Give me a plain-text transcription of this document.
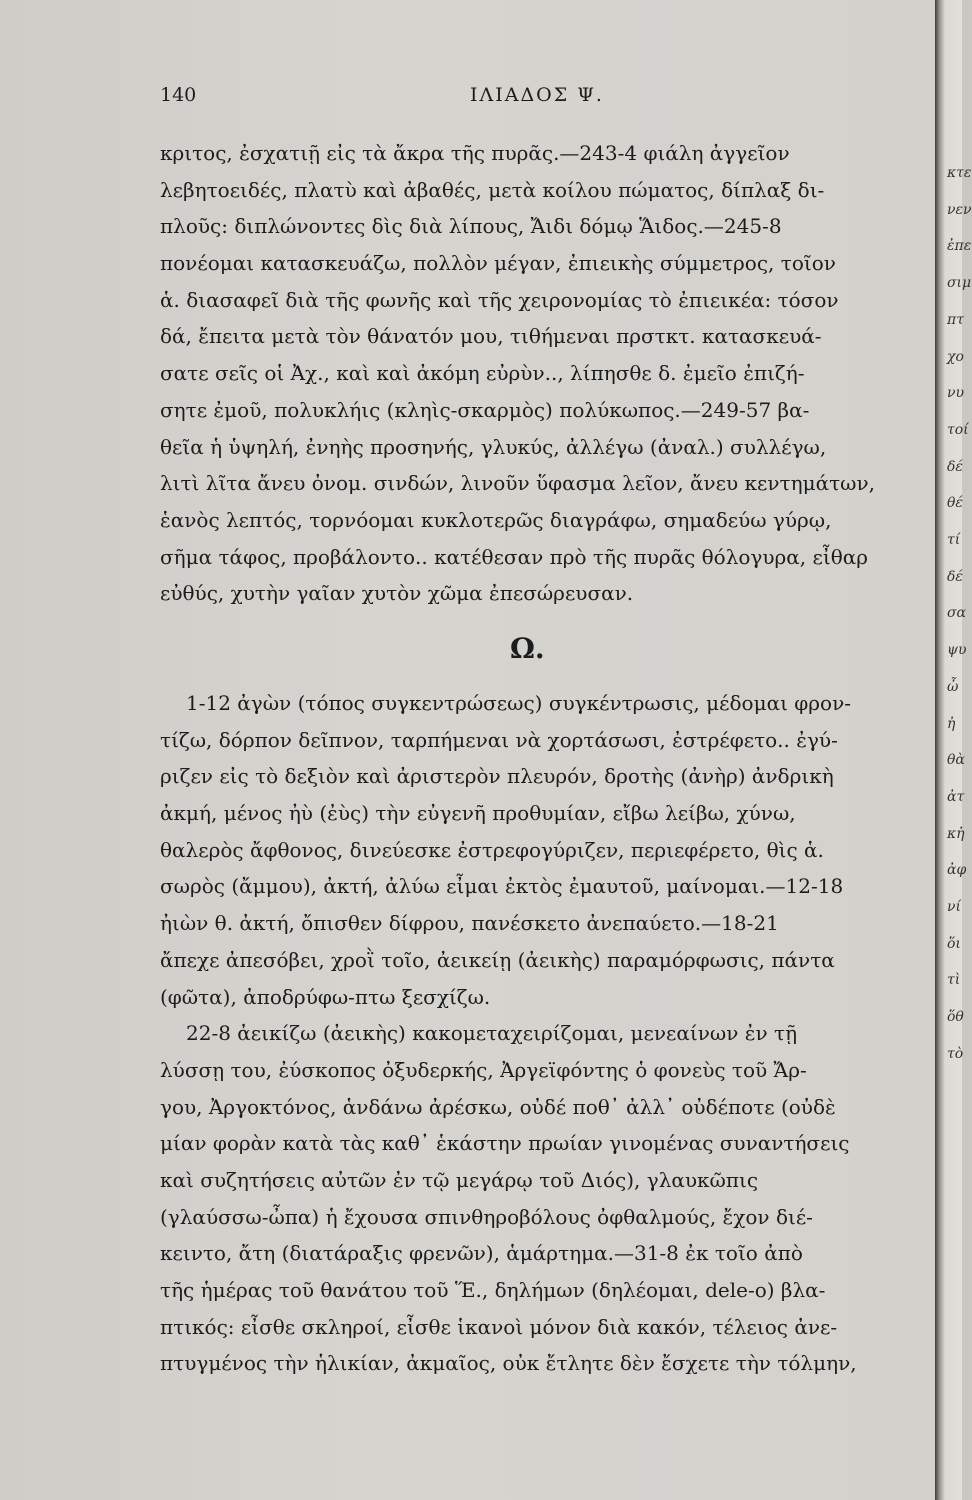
140	ΙΛΙΑΔΟΣ Ψ.
κριτος, ἐσχατιῇ εἰς τὰ ἄκρα τῆς πυρᾶς.—243-4 φιάλη ἀγγεῖον
λεβητοειδές, πλατὺ καὶ ἀβαθές, μετὰ κοίλου πώματος, δίπλαξ δι-
πλοῦς: διπλώνοντες δὶς διὰ λίπους, Ἄιδι δόμῳ Ἅιδος.—245-8
πονέομαι κατασκευάζω, πολλὸν μέγαν, ἐπιεικὴς σύμμετρος, τοῖον
ἁ. διασαφεῖ διὰ τῆς φωνῆς καὶ τῆς χειρονομίας τὸ ἐπιεικέα: τόσον
δά, ἔπειτα μετὰ τὸν θάνατόν μου, τιθήμεναι πρστκτ. κατασκευά-
σατε σεῖς οἱ Ἀχ., καὶ καὶ ἀκόμη εὐρὺν.., λίπησθε δ. ἐμεῖο ἐπιζή-
σητε ἐμοῦ, πολυκλήις (κληὶς-σκαρμὸς) πολύκωπος.—249-57 βα-
θεῖα ἡ ὑψηλή, ἐνηὴς προσηνής, γλυκύς, ἀλλέγω (ἀναλ.) συλλέγω,
λιτὶ λῖτα ἄνευ ὀνομ. σινδών, λινοῦν ὕφασμα λεῖον, ἄνευ κεντημάτων,
ἑανὸς λεπτός, τορνόομαι κυκλοτερῶς διαγράφω, σημαδεύω γύρῳ,
σῆμα τάφος, προβάλοντο.. κατέθεσαν πρὸ τῆς πυρᾶς θόλογυρα, εἶθαρ
εὐθύς, χυτὴν γαῖαν χυτὸν χῶμα ἐπεσώρευσαν.
Ω.
1-12 ἀγὼν (τόπος συγκεντρώσεως) συγκέντρωσις, μέδομαι φρον-
τίζω, δόρπον δεῖπνον, ταρπήμεναι νὰ χορτάσωσι, ἐστρέφετο.. ἐγύ-
ριζεν εἰς τὸ δεξιὸν καὶ ἀριστερὸν πλευρόν, δροτὴς (ἀνὴρ) ἀνδρικὴ
ἀκμή, μένος ἠὺ (ἐὺς) τὴν εὐγενῆ προθυμίαν, εἴβω λείβω, χύνω,
θαλερὸς ἄφθονος, δινεύεσκε ἐστρεφογύριζεν, περιεφέρετο, θὶς ἁ.
σωρὸς (ἄμμου), ἀκτή, ἀλύω εἶμαι ἐκτὸς ἐμαυτοῦ, μαίνομαι.—12-18
ἠιὼν θ. ἀκτή, ὄπισθεν δίφρου, πανέσκετο ἀνεπαύετο.—18-21
ἄπεχε ἀπεσόβει, χροῒ τοῖο, ἀεικείῃ (ἀεικὴς) παραμόρφωσις, πάντα
(φῶτα), ἀποδρύφω-πτω ξεσχίζω.
22-8 ἀεικίζω (ἀεικὴς) κακομεταχειρίζομαι, μενεαίνων ἐν τῇ
λύσσῃ του, ἐύσκοπος ὀξυδερκής, Ἀργεϊφόντης ὁ φονεὺς τοῦ Ἄρ-
γου, Ἀργοκτόνος, ἁνδάνω ἀρέσκω, οὐδέ ποθ᾽ ἀλλ᾽ οὐδέποτε (οὐδὲ
μίαν φορὰν κατὰ τὰς καθ᾽ ἑκάστην πρωίαν γινομένας συναντήσεις
καὶ συζητήσεις αὐτῶν ἐν τῷ μεγάρῳ τοῦ Διός), γλαυκῶπις
(γλαύσσω-ὦπα) ἡ ἔχουσα σπινθηροβόλους ὀφθαλμούς, ἔχον διέ-
κειντο, ἄτη (διατάραξις φρενῶν), ἁμάρτημα.—31-8 ἐκ τοῖο ἀπὸ
τῆς ἡμέρας τοῦ θανάτου τοῦ Ἕ., δηλήμων (δηλέομαι, dele-o) βλα-
πτικός: εἶσθε σκληροί, εἶσθε ἱκανοὶ μόνον διὰ κακόν, τέλειος ἀνε-
πτυγμένος τὴν ἡλικίαν, ἀκμαῖος, οὐκ ἔτλητε δὲν ἔσχετε τὴν τόλμην,
κτε
νεν
ἐπε
σιμ
πτ
χο
νυ
τοί
δέ
θέ
τί
δέ
σα
ψυ
ὦ
ἠ
θὰ
ἀτ
κἠ
ἀφ
νί
ὅι
τὶ
ὅθ
τὸ
